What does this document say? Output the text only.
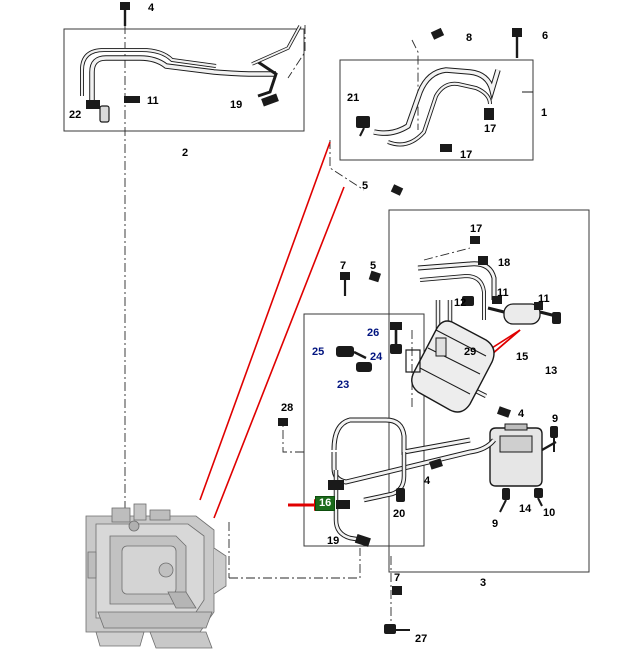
4
8	6
1
21
17
17
11	19
22
2
5
17
18
7 5
12
11	11
29	15
13
26
25	24
23
28	4	9
4
14 10
9
16
20
19
3
7
27
